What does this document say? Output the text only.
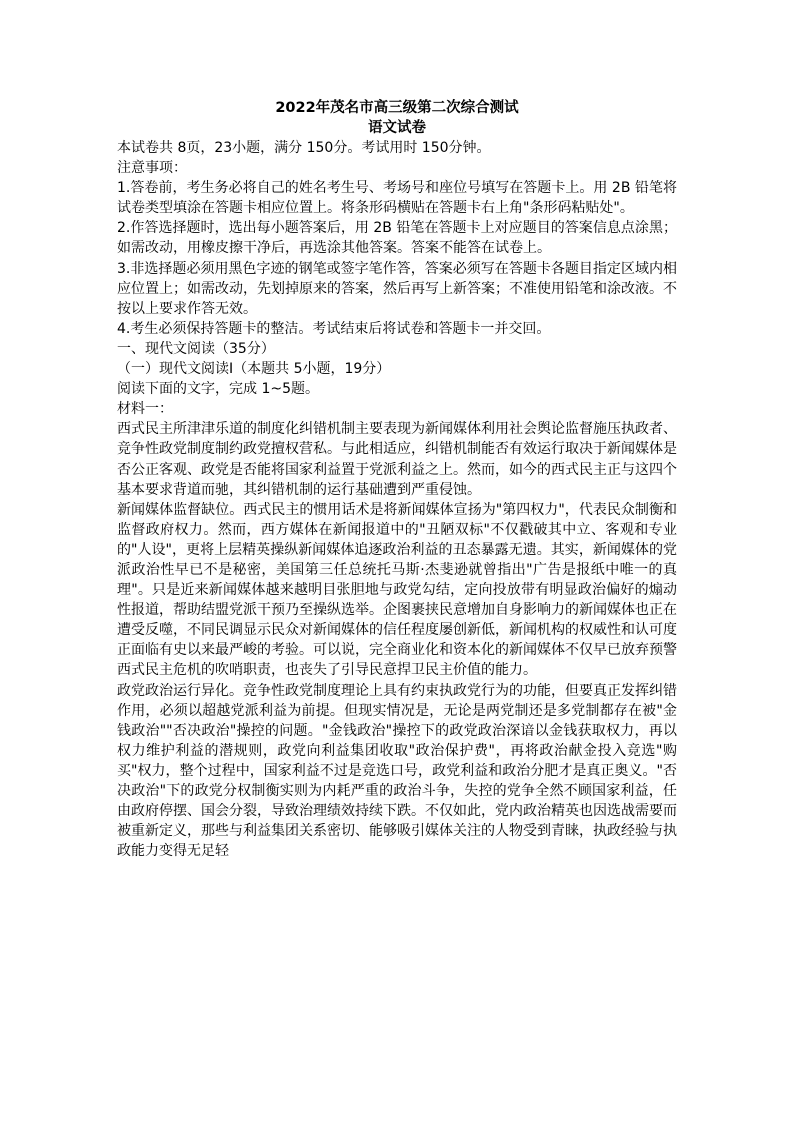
2022年茂名市高三级第二次综合测试

语文试卷

本试卷共 8页，23小题，满分 150分。考试用时 150分钟。

注意事项：

1.答卷前，考生务必将自己的姓名考生号、考场号和座位号填写在答题卡上。用 2B 铅笔将试卷类型填涂在答题卡相应位置上。将条形码横贴在答题卡右上角"条形码粘贴处"。

2.作答选择题时，选出每小题答案后，用 2B 铅笔在答题卡上对应题目的答案信息点涂黑；如需改动，用橡皮擦干净后，再选涂其他答案。答案不能答在试卷上。

3.非选择题必须用黑色字迹的钢笔或签字笔作答，答案必须写在答题卡各题目指定区域内相应位置上；如需改动，先划掉原来的答案，然后再写上新答案；不准使用铅笔和涂改液。不按以上要求作答无效。

4.考生必须保持答题卡的整洁。考试结束后将试卷和答题卡一并交回。

一、现代文阅读（35分）

（一）现代文阅读Ⅰ（本题共 5小题，19分）

阅读下面的文字，完成 1~5题。

材料一：

西式民主所津津乐道的制度化纠错机制主要表现为新闻媒体利用社会舆论监督施压执政者、竞争性政党制度制约政党擅权营私。与此相适应，纠错机制能否有效运行取决于新闻媒体是否公正客观、政党是否能将国家利益置于党派利益之上。然而，如今的西式民主正与这四个基本要求背道而驰，其纠错机制的运行基础遭到严重侵蚀。

新闻媒体监督缺位。西式民主的惯用话术是将新闻媒体宣扬为"第四权力"，代表民众制衡和监督政府权力。然而，西方媒体在新闻报道中的"丑陋双标"不仅戳破其中立、客观和专业的"人设"，更将上层精英操纵新闻媒体追逐政治利益的丑态暴露无遗。其实，新闻媒体的党派政治性早已不是秘密，美国第三任总统托马斯·杰斐逊就曾指出"广告是报纸中唯一的真理"。只是近来新闻媒体越来越明目张胆地与政党勾结，定向投放带有明显政治偏好的煽动性报道，帮助结盟党派干预乃至操纵选举。企图裹挟民意增加自身影响力的新闻媒体也正在遭受反噬，不同民调显示民众对新闻媒体的信任程度屡创新低，新闻机构的权威性和认可度正面临有史以来最严峻的考验。可以说，完全商业化和资本化的新闻媒体不仅早已放弃预警西式民主危机的吹哨职责，也丧失了引导民意捍卫民主价值的能力。

政党政治运行异化。竞争性政党制度理论上具有约束执政党行为的功能，但要真正发挥纠错作用，必须以超越党派利益为前提。但现实情况是，无论是两党制还是多党制都存在被"金钱政治""否决政治"操控的问题。"金钱政治"操控下的政党政治深谙以金钱获取权力，再以权力维护利益的潜规则，政党向利益集团收取"政治保护费"，再将政治献金投入竞选"购买"权力，整个过程中，国家利益不过是竞选口号，政党利益和政治分肥才是真正奥义。"否决政治"下的政党分权制衡实则为内耗严重的政治斗争，失控的党争全然不顾国家利益，任由政府停摆、国会分裂，导致治理绩效持续下跌。不仅如此，党内政治精英也因选战需要而被重新定义，那些与利益集团关系密切、能够吸引媒体关注的人物受到青睐，执政经验与执政能力变得无足轻
